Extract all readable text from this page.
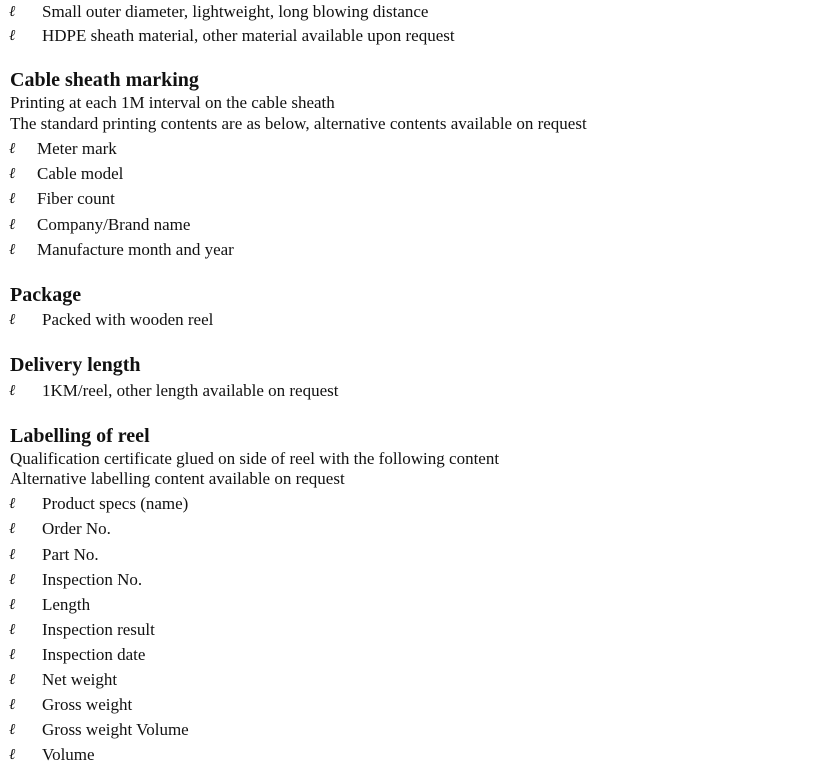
ℓ Small outer diameter, lightweight, long blowing distance
ℓ HDPE sheath material, other material available upon request
Cable sheath marking
Printing at each 1M interval on the cable sheath
The standard printing contents are as below, alternative contents available on request
ℓ Meter mark
ℓ Cable model
ℓ Fiber count
ℓ Company/Brand name
ℓ Manufacture month and year
Package
ℓ Packed with wooden reel
Delivery length
ℓ 1KM/reel, other length available on request
Labelling of reel
Qualification certificate glued on side of reel with the following content
Alternative labelling content available on request
ℓ Product specs (name)
ℓ Order No.
ℓ Part No.
ℓ Inspection No.
ℓ Length
ℓ Inspection result
ℓ Inspection date
ℓ Net weight
ℓ Gross weight
ℓ Gross weight Volume
ℓ Volume
